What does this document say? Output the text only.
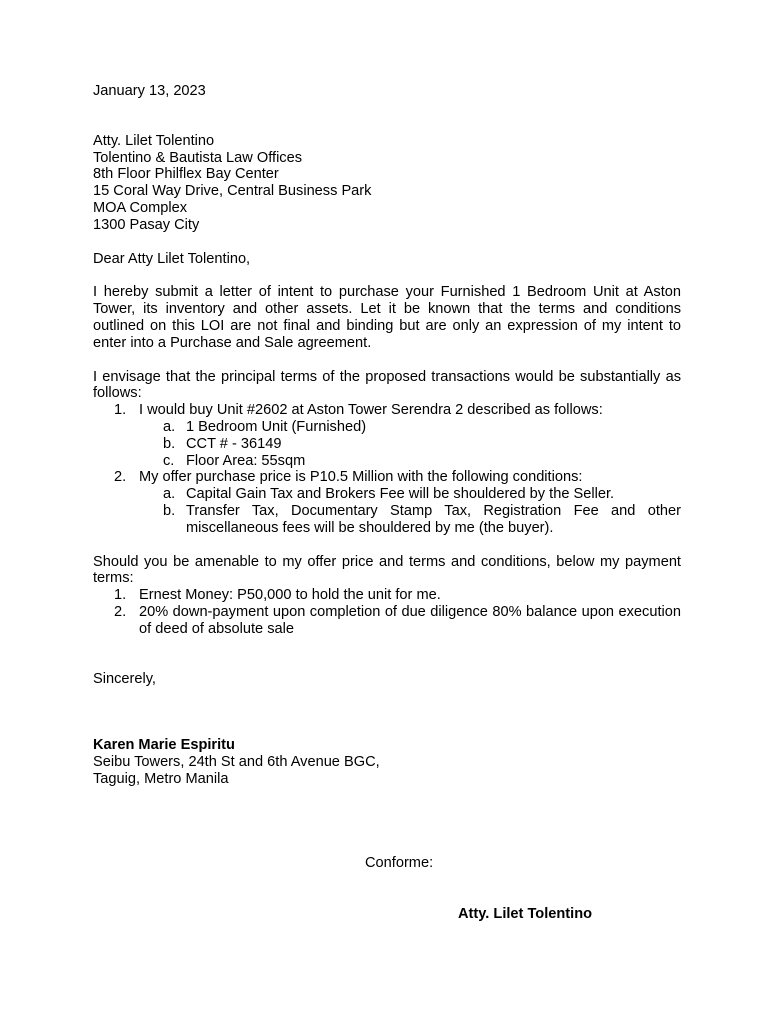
January 13, 2023

Atty. Lilet Tolentino
Tolentino & Bautista Law Offices
8th Floor Philflex Bay Center
15 Coral Way Drive, Central Business Park
MOA Complex
1300 Pasay City

Dear Atty Lilet Tolentino,

I hereby submit a letter of intent to purchase your Furnished 1 Bedroom Unit at Aston Tower, its inventory and other assets. Let it be known that the terms and conditions outlined on this LOI are not final and binding but are only an expression of my intent to enter into a Purchase and Sale agreement.

I envisage that the principal terms of the proposed transactions would be substantially as follows:

1. I would buy Unit #2602 at Aston Tower Serendra 2 described as follows:
a. 1 Bedroom Unit (Furnished)
b. CCT # - 36149
c. Floor Area: 55sqm
2. My offer purchase price is P10.5 Million with the following conditions:
a. Capital Gain Tax and Brokers Fee will be shouldered by the Seller.
b. Transfer Tax, Documentary Stamp Tax, Registration Fee and other miscellaneous fees will be shouldered by me (the buyer).

Should you be amenable to my offer price and terms and conditions, below my payment terms:

1. Ernest Money: P50,000 to hold the unit for me.
2. 20% down-payment upon completion of due diligence 80% balance upon execution of deed of absolute sale

Sincerely,

Karen Marie Espiritu
Seibu Towers, 24th St and 6th Avenue BGC,
Taguig, Metro Manila
Conforme:
Atty. Lilet Tolentino
